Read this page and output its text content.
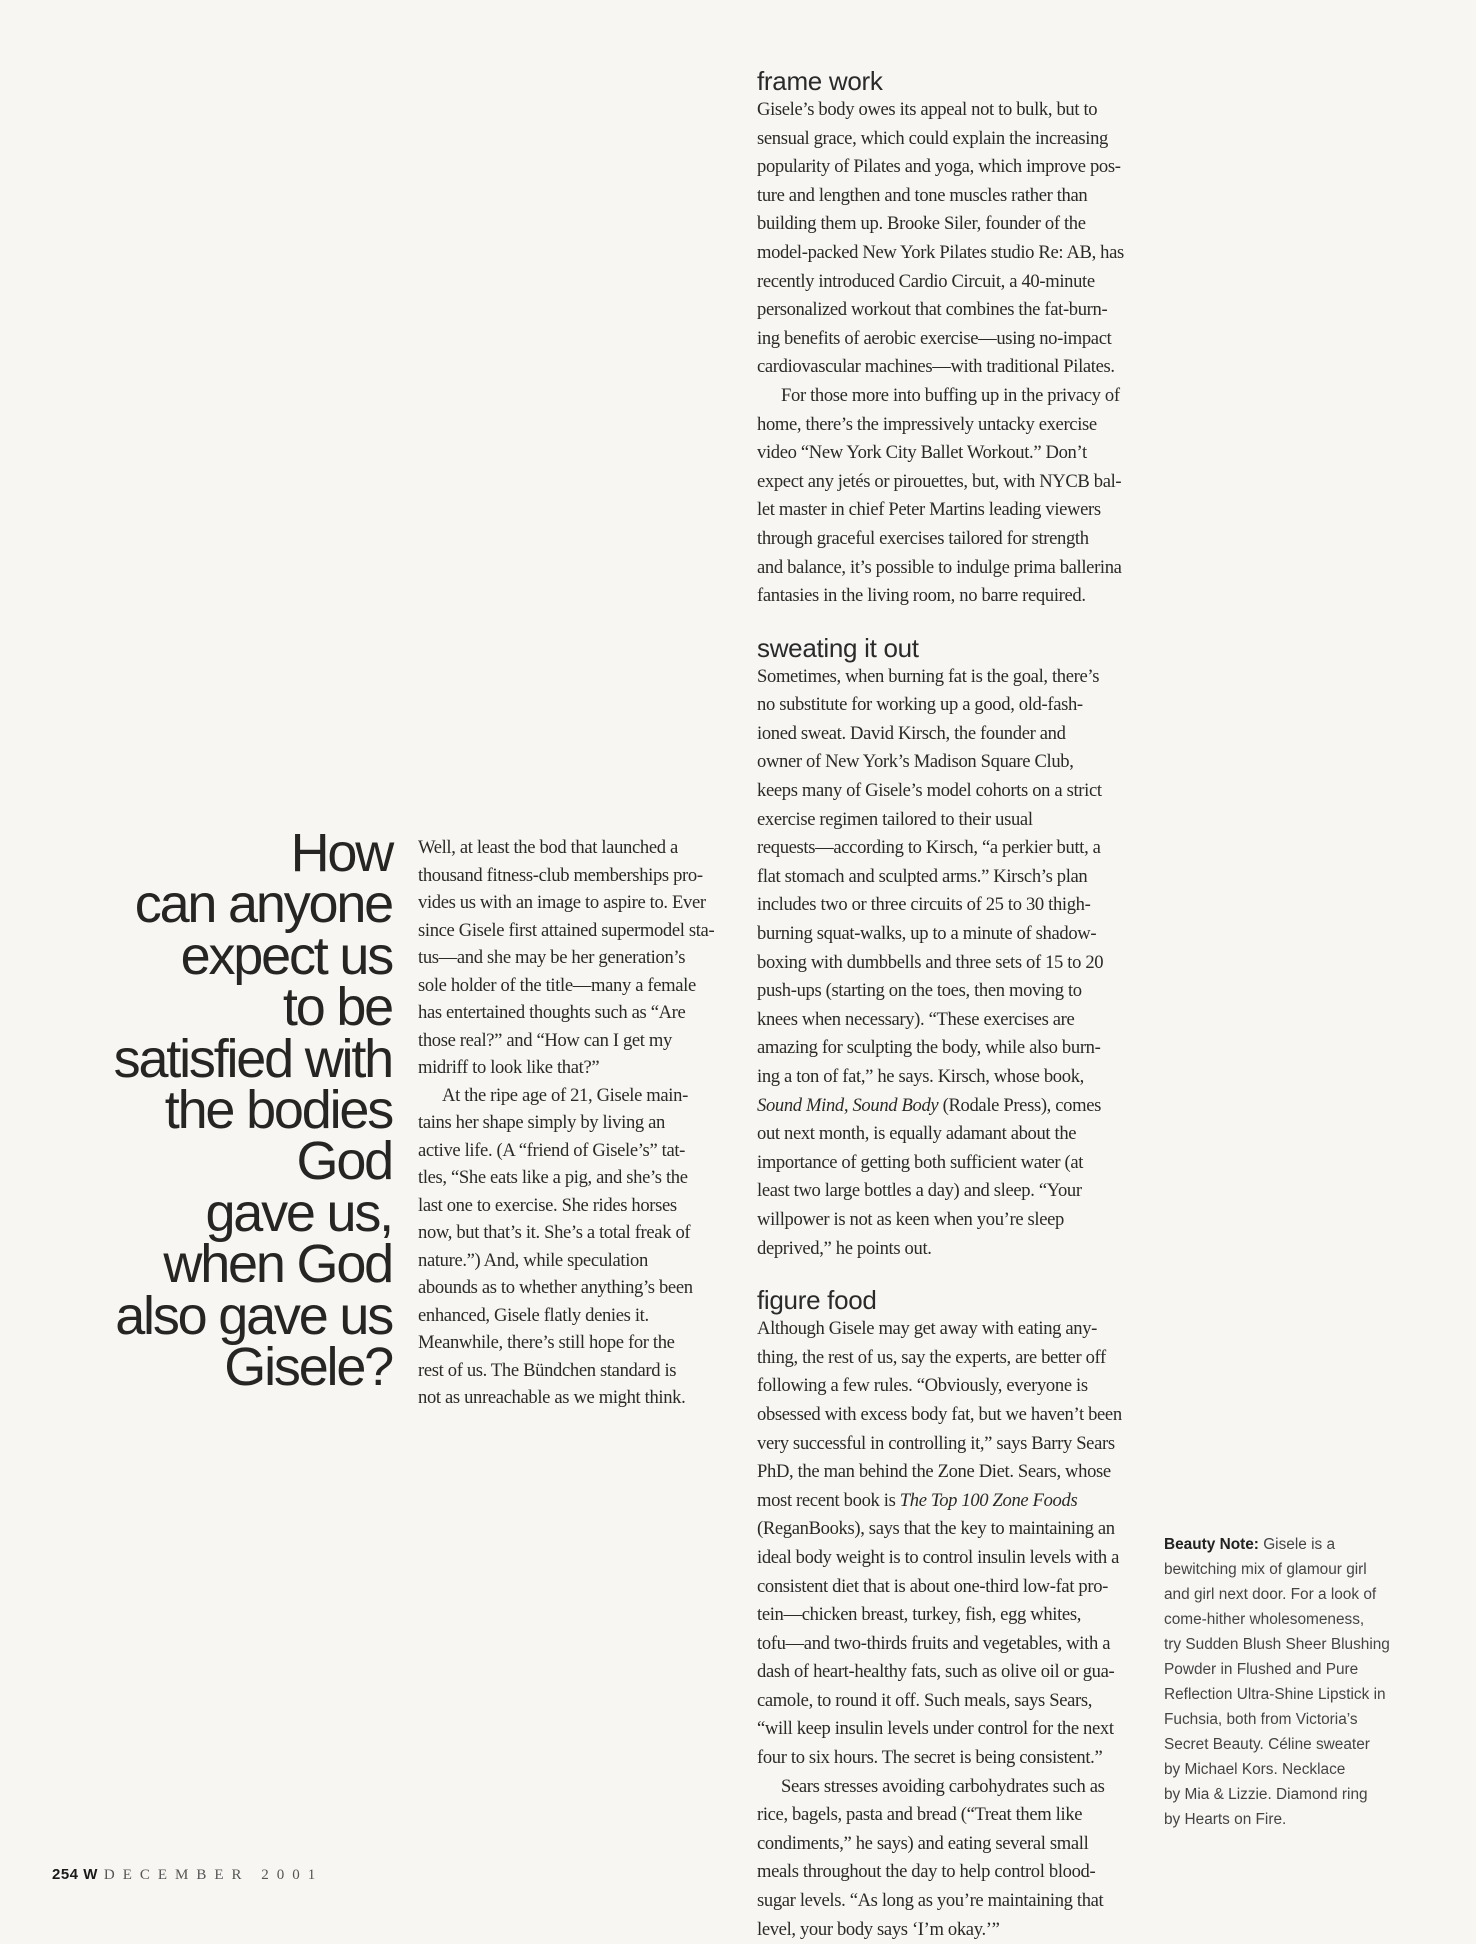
How
can anyone
expect us
to be
satisfied with
the bodies
God
gave us,
when God
also gave us
Gisele?
Well, at least the bod that launched a
thousand fitness-club memberships pro-
vides us with an image to aspire to. Ever
since Gisele first attained supermodel sta-
tus—and she may be her generation’s
sole holder of the title—many a female
has entertained thoughts such as “Are
those real?” and “How can I get my
midriff to look like that?”
At the ripe age of 21, Gisele main-
tains her shape simply by living an
active life. (A “friend of Gisele’s” tat-
tles, “She eats like a pig, and she’s the
last one to exercise. She rides horses
now, but that’s it. She’s a total freak of
nature.”) And, while speculation
abounds as to whether anything’s been
enhanced, Gisele flatly denies it.
Meanwhile, there’s still hope for the
rest of us. The Bündchen standard is
not as unreachable as we might think.
frame work
Gisele’s body owes its appeal not to bulk, but to
sensual grace, which could explain the increasing
popularity of Pilates and yoga, which improve pos-
ture and lengthen and tone muscles rather than
building them up. Brooke Siler, founder of the
model-packed New York Pilates studio Re: AB, has
recently introduced Cardio Circuit, a 40-minute
personalized workout that combines the fat-burn-
ing benefits of aerobic exercise—using no-impact
cardiovascular machines—with traditional Pilates.
For those more into buffing up in the privacy of
home, there’s the impressively untacky exercise
video “New York City Ballet Workout.” Don’t
expect any jetés or pirouettes, but, with NYCB bal-
let master in chief Peter Martins leading viewers
through graceful exercises tailored for strength
and balance, it’s possible to indulge prima ballerina
fantasies in the living room, no barre required.
sweating it out
Sometimes, when burning fat is the goal, there’s
no substitute for working up a good, old-fash-
ioned sweat. David Kirsch, the founder and
owner of New York’s Madison Square Club,
keeps many of Gisele’s model cohorts on a strict
exercise regimen tailored to their usual
requests—according to Kirsch, “a perkier butt, a
flat stomach and sculpted arms.” Kirsch’s plan
includes two or three circuits of 25 to 30 thigh-
burning squat-walks, up to a minute of shadow-
boxing with dumbbells and three sets of 15 to 20
push-ups (starting on the toes, then moving to
knees when necessary). “These exercises are
amazing for sculpting the body, while also burn-
ing a ton of fat,” he says. Kirsch, whose book,
Sound Mind, Sound Body (Rodale Press), comes
out next month, is equally adamant about the
importance of getting both sufficient water (at
least two large bottles a day) and sleep. “Your
willpower is not as keen when you’re sleep
deprived,” he points out.
figure food
Although Gisele may get away with eating any-
thing, the rest of us, say the experts, are better off
following a few rules. “Obviously, everyone is
obsessed with excess body fat, but we haven’t been
very successful in controlling it,” says Barry Sears
PhD, the man behind the Zone Diet. Sears, whose
most recent book is The Top 100 Zone Foods
(ReganBooks), says that the key to maintaining an
ideal body weight is to control insulin levels with a
consistent diet that is about one-third low-fat pro-
tein—chicken breast, turkey, fish, egg whites,
tofu—and two-thirds fruits and vegetables, with a
dash of heart-healthy fats, such as olive oil or gua-
camole, to round it off. Such meals, says Sears,
“will keep insulin levels under control for the next
four to six hours. The secret is being consistent.”
Sears stresses avoiding carbohydrates such as
rice, bagels, pasta and bread (“Treat them like
condiments,” he says) and eating several small
meals throughout the day to help control blood-
sugar levels. “As long as you’re maintaining that
level, your body says ‘I’m okay.’”
Beauty Note: Gisele is a
bewitching mix of glamour girl
and girl next door. For a look of
come-hither wholesomeness,
try Sudden Blush Sheer Blushing
Powder in Flushed and Pure
Reflection Ultra-Shine Lipstick in
Fuchsia, both from Victoria’s
Secret Beauty. Céline sweater
by Michael Kors. Necklace
by Mia & Lizzie. Diamond ring
by Hearts on Fire.
254 W DECEMBER 2001
